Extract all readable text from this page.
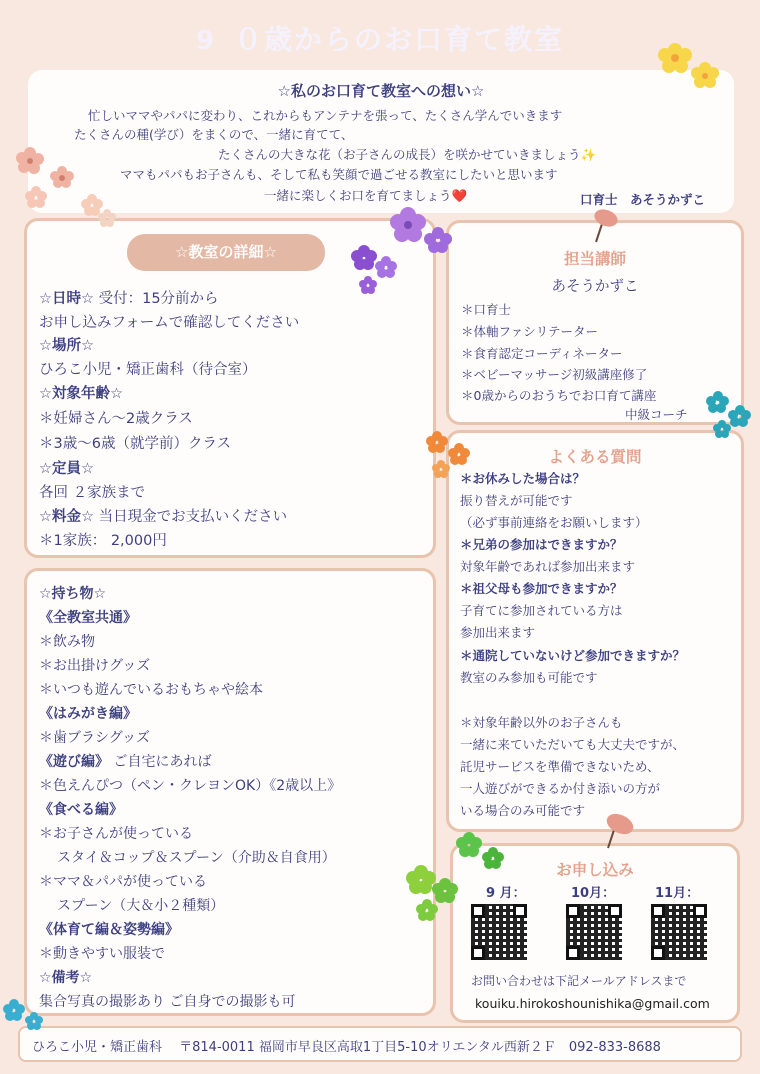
9 ０歳からのお口育て教室
☆私のお口育て教室への想い☆
忙しいママやパパに変わり、これからもアンテナを張って、たくさん学んでいきます
たくさんの種(学び）をまくので、一緒に育てて、
たくさんの大きな花（お子さんの成長）を咲かせていきましょう✨
ママもパパもお子さんも、そして私も笑顔で過ごせる教室にしたいと思います
一緒に楽しくお口を育てましょう❤️	口育士　あそうかずこ
☆教室の詳細☆
☆日時☆ 受付：15分前から
お申し込みフォームで確認してください
☆場所☆
ひろこ小児・矯正歯科（待合室）
☆対象年齢☆
＊妊婦さん〜2歳クラス
＊3歳〜6歳（就学前）クラス
☆定員☆
各回 ２家族まで
☆料金☆ 当日現金でお支払いください
＊1家族： 2,000円
担当講師
あそうかずこ
＊口育士
＊体軸ファシリテーター
＊食育認定コーディネーター
＊ベビーマッサージ初級講座修了
＊0歳からのおうちでお口育て講座
中級コーチ
よくある質問
＊お休みした場合は？
振り替えが可能です
（必ず事前連絡をお願いします）
＊兄弟の参加はできますか？
対象年齢であれば参加出来ます
＊祖父母も参加できますか？
子育てに参加されている方は
参加出来ます
＊通院していないけど参加できますか？
教室のみ参加も可能です
＊対象年齢以外のお子さんも
一緒に来ていただいても大丈夫ですが、
託児サービスを準備できないため、
一人遊びができるか付き添いの方が
いる場合のみ可能です
☆持ち物☆
《全教室共通》
＊飲み物
＊お出掛けグッズ
＊いつも遊んでいるおもちゃや絵本
《はみがき編》
＊歯ブラシグッズ
《遊び編》 ご自宅にあれば
＊色えんぴつ（ペン・クレヨンOK）《2歳以上》
《食べる編》
＊お子さんが使っている
スタイ＆コップ＆スプーン（介助＆自食用）
＊ママ＆パパが使っている
スプーン（大＆小２種類）
《体育て編＆姿勢編》
＊動きやすい服装で
☆備考☆
集合写真の撮影あり ご自身での撮影も可
お申し込み
9 月：	10月：	11月：
お問い合わせは下記メールアドレスまで
kouiku.hirokoshounishika@gmail.com
ひろこ小児・矯正歯科　 〒814-0011 福岡市早良区高取1丁目5-10オリエンタル西新２Ｆ　092-833-8688
